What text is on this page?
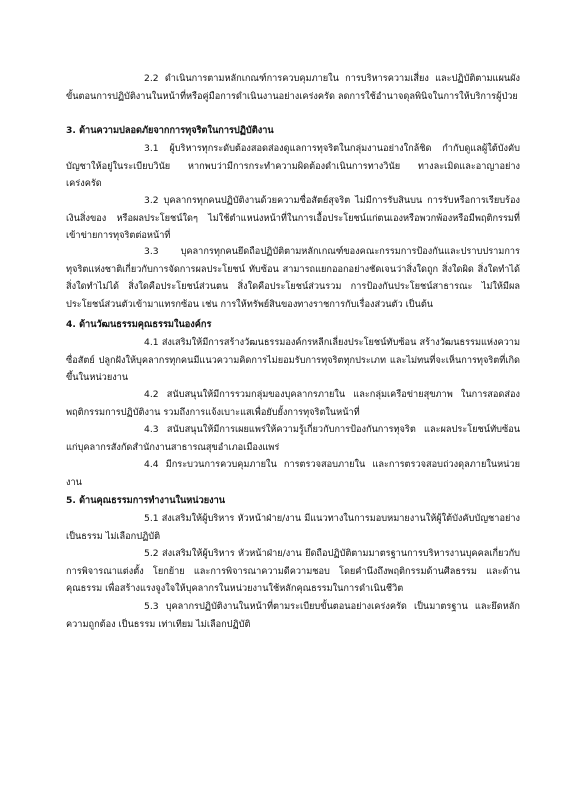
2.2 ดำเนินการตามหลักเกณฑ์การควบคุมภายใน การบริหารความเสี่ยง และปฏิบัติตามแผนผังขั้นตอนการปฏิบัติงานในหน้าที่หรือคู่มือการดำเนินงานอย่างเคร่งครัด ลดการใช้อำนาจดุลพินิจในการให้บริการผู้ป่วย
3. ด้านความปลอดภัยจากการทุจริตในการปฏิบัติงาน
3.1 ผู้บริหารทุกระดับต้องสอดส่องดูแลการทุจริตในกลุ่มงานอย่างใกล้ชิด กำกับดูแลผู้ใต้บังคับบัญชาให้อยู่ในระเบียบวินัย หากพบว่ามีการกระทำความผิดต้องดำเนินการทางวินัย ทางละเมิดและอาญาอย่างเคร่งครัด
3.2 บุคลากรทุกคนปฏิบัติงานด้วยความซื่อสัตย์สุจริต ไม่มีการรับสินบน การรับหรือการเรียบร้องเงินสิ่งของ หรือผลประโยชน์ใดๆ ไม่ใช้ตำแหน่งหน้าที่ในการเอื้อประโยชน์แก่ตนเองหรือพวกพ้องหรือมีพฤติกรรมที่เข้าข่ายการทุจริตต่อหน้าที่
3.3 บุคลากรทุกคนยึดถือปฏิบัติตามหลักเกณฑ์ของคณะกรรมการป้องกันและปราบปรามการทุจริตแห่งชาติเกี่ยวกับการจัดการผลประโยชน์ ทับซ้อน สามารถแยกออกอย่างชัดเจนว่าสิ่งใดถูก สิ่งใดผิด สิ่งใดทำได้ สิ่งใดทำไม่ได้ สิ่งใดคือประโยชน์ส่วนตน สิ่งใดคือประโยชน์ส่วนรวม การป้องกันประโยชน์สาธารณะ ไม่ให้มีผลประโยชน์ส่วนตัวเข้ามาแทรกซ้อน เช่น การให้ทรัพย์สินของทางราชการกับเรื่องส่วนตัว เป็นต้น
4. ด้านวัฒนธรรมคุณธรรมในองค์กร
4.1 ส่งเสริมให้มีการสร้างวัฒนธรรมองค์กรหลีกเลี่ยงประโยชน์ทับซ้อน สร้างวัฒนธรรมแห่งความซื่อสัตย์ ปลูกฝังให้บุคลากรทุกคนมีแนวความคิดการไม่ยอมรับการทุจริตทุกประเภท และไม่ทนที่จะเห็นการทุจริตที่เกิดขึ้นในหน่วยงาน
4.2 สนับสนุนให้มีการรวมกลุ่มของบุคลากรภายใน และกลุ่มเครือข่ายสุขภาพ ในการสอดส่องพฤติกรรมการปฏิบัติงาน รวมถึงการแจ้งเบาะแสเพื่อยับยั้งการทุจริตในหน้าที่
4.3 สนับสนุนให้มีการเผยแพร่ให้ความรู้เกี่ยวกับการป้องกันการทุจริต และผลประโยชน์ทับซ้อนแก่บุคลากรสังกัดสำนักงานสาธารณสุขอำเภอเมืองแพร่
4.4 มีกระบวนการควบคุมภายใน การตรวจสอบภายใน และการตรวจสอบถ่วงดุลภายในหน่วยงาน
5. ด้านคุณธรรมการทำงานในหน่วยงาน
5.1 ส่งเสริมให้ผู้บริหาร หัวหน้าฝ่าย/งาน มีแนวทางในการมอบหมายงานให้ผู้ใต้บังคับบัญชาอย่างเป็นธรรม ไม่เลือกปฏิบัติ
5.2 ส่งเสริมให้ผู้บริหาร หัวหน้าฝ่าย/งาน ยึดถือปฏิบัติตามมาตรฐานการบริหารงานบุคคลเกี่ยวกับการพิจารณาแต่งตั้ง โยกย้าย และการพิจารณาความดีความชอบ โดยคำนึงถึงพฤติกรรมด้านศีลธรรม และด้านคุณธรรม เพื่อสร้างแรงจูงใจให้บุคลากรในหน่วยงานใช้หลักคุณธรรมในการดำเนินชีวิต
5.3 บุคลากรปฏิบัติงานในหน้าที่ตามระเบียบขั้นตอนอย่างเคร่งครัด เป็นมาตรฐาน และยึดหลักความถูกต้อง เป็นธรรม เท่าเทียม ไม่เลือกปฏิบัติ
